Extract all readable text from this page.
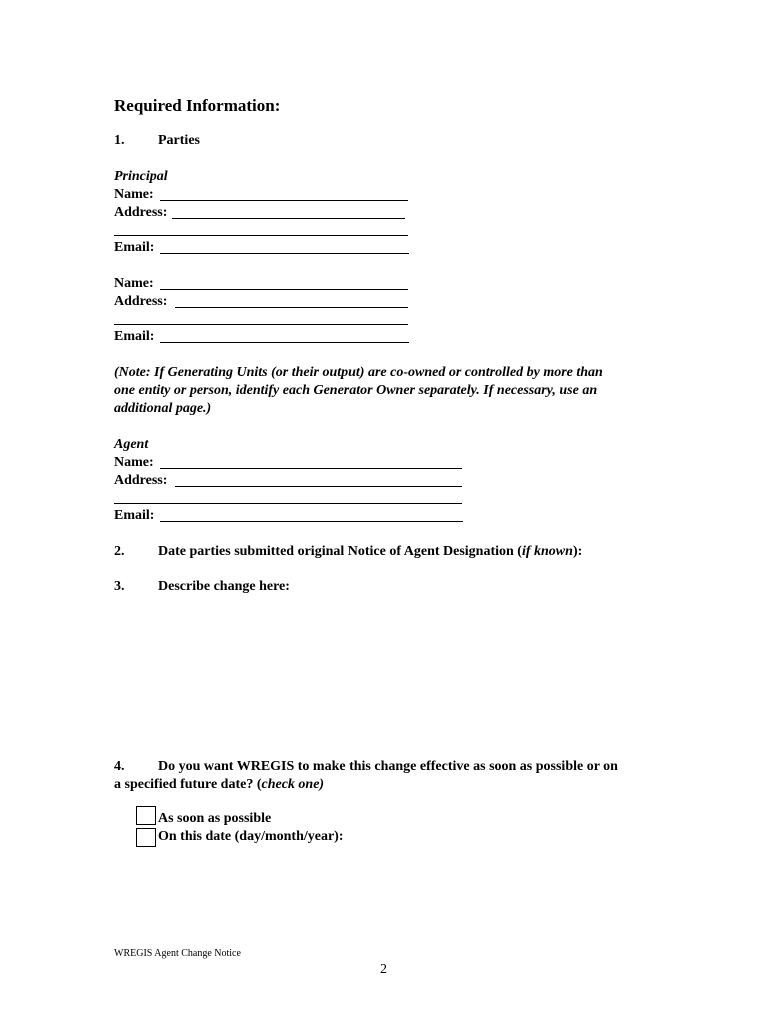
Required Information:
1. Parties
Principal
Name:
Address:
Email:
Name:
Address:
Email:
(Note: If Generating Units (or their output) are co-owned or controlled by more than
one entity or person, identify each Generator Owner separately. If necessary, use an
additional page.)
Agent
Name:
Address:
Email:
2. Date parties submitted original Notice of Agent Designation (if known):
3. Describe change here:
4. Do you want WREGIS to make this change effective as soon as possible or on
a specified future date? (check one)
As soon as possible
On this date (day/month/year):
WREGIS Agent Change Notice
2
